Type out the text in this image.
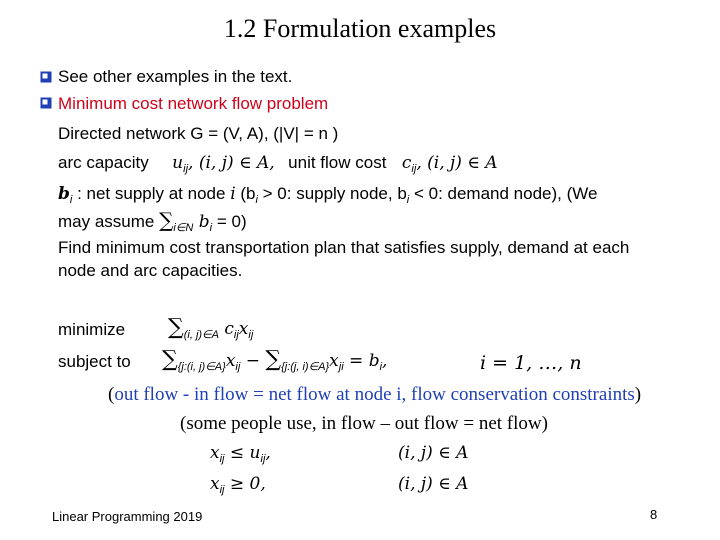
1.2 Formulation examples
See other examples in the text.
Minimum cost network flow problem
Directed network G = (V, A), (|V| = n )
arc capacity $u_{ij}$, (i, j) ∈ A, unit flow cost $c_{ij}$, (i, j) ∈ A
$b_i$ : net supply at node i ($b_i > 0$: supply node, $b_i < 0$: demand node), (We
may assume $\sum_{i\in N}$ $b_i = 0$)
Find minimum cost transportation plan that satisfies supply, demand at each
node and arc capacities.
minimize $\sum_{(i, j)\in A}$ $c_{ij}x_{ij}$
subject to $\sum_{\{j:(i, j)\in A\}}x_{ij} - \sum_{\{j:(j, i)\in A\}}x_{ji} = b_i$,	i = 1, …, n
(out flow - in flow = net flow at node i, flow conservation constraints)
(some people use, in flow – out flow = net flow)
$x_{ij} \le u_{ij}$,	(i, j) ∈ A
$x_{ij} \ge 0$,	(i, j) ∈ A
Linear Programming 2019	8
